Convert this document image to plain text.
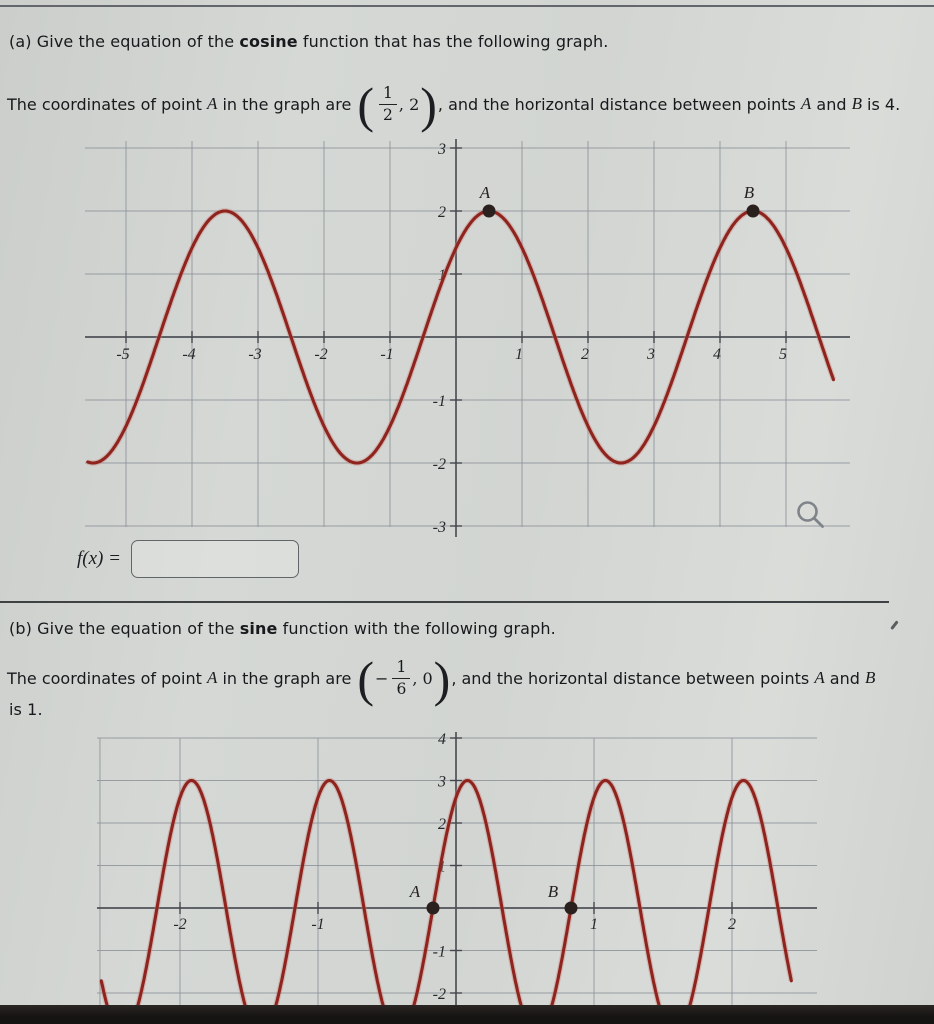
(a) Give the equation of the cosine function that has the following graph.
The coordinates of point A in the graph are ( $\frac{1}{2}$ , 2 ) , and the horizontal distance between points A and B is 4.
-5	-4	-3	-2	-1	1	2	3	4	5
3
2
1
-1
-2
-3
A	B
f(x) =
(b) Give the equation of the sine function with the following graph.
The coordinates of point A in the graph are ( − $\frac{1}{6}$ , 0 ) , and the horizontal distance between points A and B
is 1.
-2	-1	1	2
4
3
2
1
-1
-2
A	B
